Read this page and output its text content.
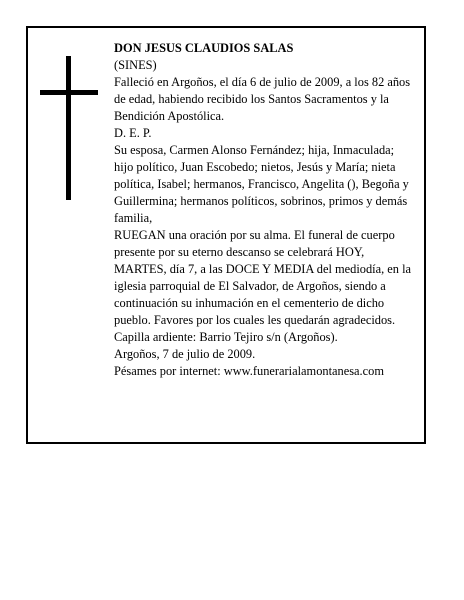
DON JESUS CLAUDIOS SALAS

(SINES)

Falleció en Argoños, el día 6 de julio de 2009, a los 82 años de edad, habiendo recibido los Santos Sacramentos y la Bendición Apostólica.

D. E. P.

Su esposa, Carmen Alonso Fernández; hija, Inmaculada; hijo político, Juan Escobedo; nietos, Jesús y María; nieta política, Isabel; hermanos, Francisco, Angelita (), Begoña y Guillermina; hermanos políticos, sobrinos, primos y demás familia,

RUEGAN una oración por su alma. El funeral de cuerpo presente por su eterno descanso se celebrará HOY, MARTES, día 7, a las DOCE Y MEDIA del mediodía, en la iglesia parroquial de El Salvador, de Argoños, siendo a continuación su inhumación en el cementerio de dicho pueblo. Favores por los cuales les quedarán agradecidos. Capilla ardiente: Barrio Tejiro s/n (Argoños).

Argoños, 7 de julio de 2009.

Pésames por internet: www.funerarialamontanesa.com
